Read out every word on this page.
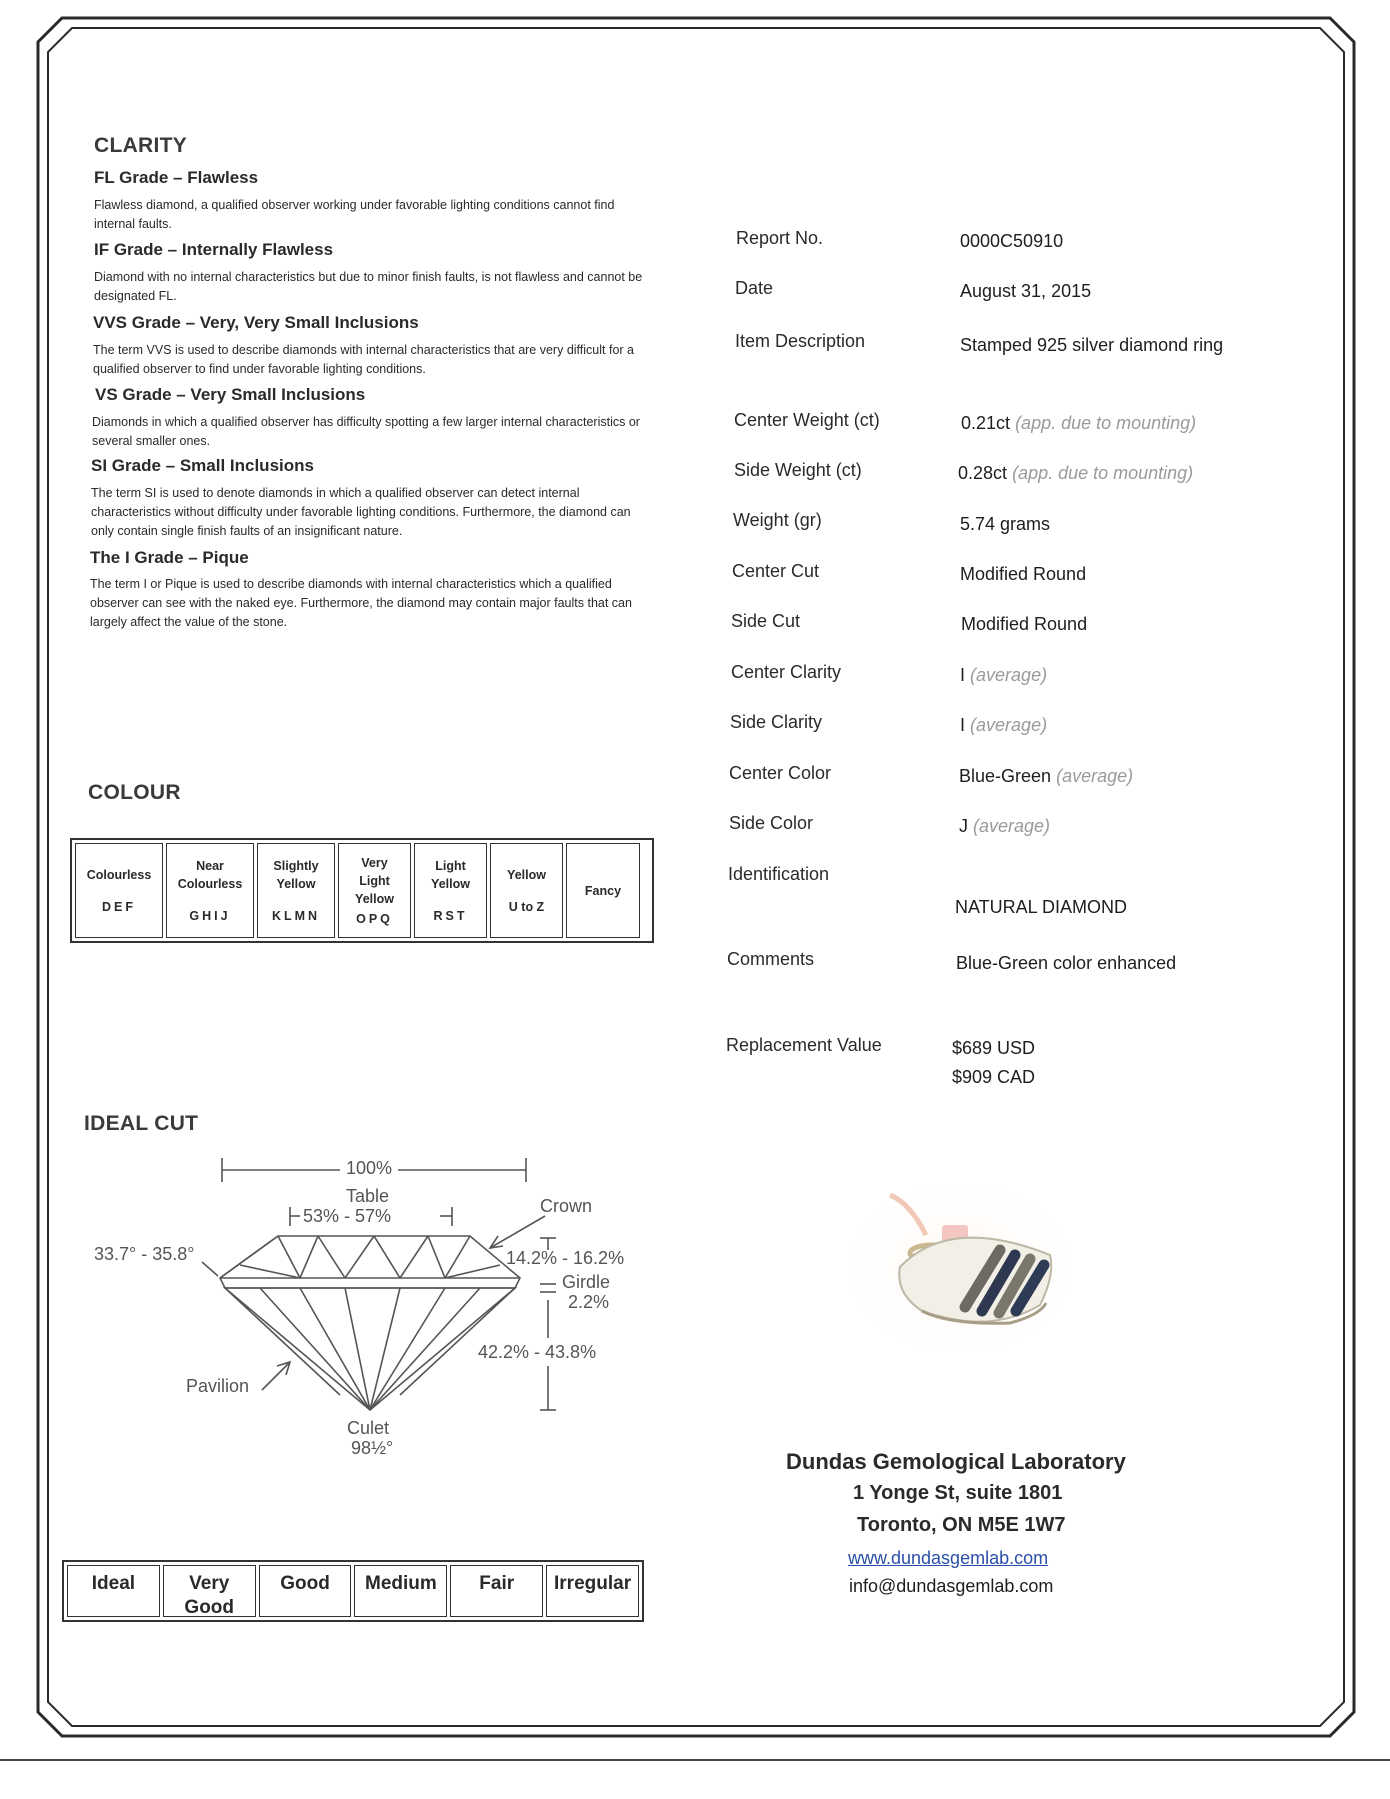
CLARITY
FL Grade – Flawless
Flawless diamond, a qualified observer working under favorable lighting conditions cannot find internal faults.
IF Grade – Internally Flawless
Diamond with no internal characteristics but due to minor finish faults, is not flawless and cannot be designated FL.
VVS Grade – Very, Very Small Inclusions
The term VVS is used to describe diamonds with internal characteristics that are very difficult for a qualified observer to find under favorable lighting conditions.
VS Grade – Very Small Inclusions
Diamonds in which a qualified observer has difficulty spotting a few larger internal characteristics or several smaller ones.
SI Grade – Small Inclusions
The term SI is used to denote diamonds in which a qualified observer can detect internal characteristics without difficulty under favorable lighting conditions. Furthermore, the diamond can only contain single finish faults of an insignificant nature.
The I Grade – Pique
The term I or Pique is used to describe diamonds with internal characteristics which a qualified observer can see with the naked eye. Furthermore, the diamond may contain major faults that can largely affect the value of the stone.
COLOUR
Colourless
DEF
Near Colourless
GHIJ
Slightly Yellow
KLMN
Very Light Yellow
OPQ
Light Yellow
RST
Yellow
U to Z
Fancy
IDEAL CUT
100%
Table
53% - 57%	Crown
33.7° - 35.8°	14.2% - 16.2%
Girdle
2.2%
42.2% - 43.8%
Pavilion
Culet
98½°
Ideal	Very Good
Good	Medium	Fair	Irregular
Report No.	0000C50910
Date	August 31, 2015
Item Description	Stamped 925 silver diamond ring
Center Weight (ct)	0.21ct (app. due to mounting)
Side Weight (ct)	0.28ct (app. due to mounting)
Weight (gr)	5.74 grams
Center Cut	Modified Round
Side Cut	Modified Round
Center Clarity	I (average)
Side Clarity	I (average)
Center Color	Blue-Green (average)
Side Color	J (average)
Identification
NATURAL DIAMOND
Comments	Blue-Green color enhanced
Replacement Value	$689 USD
$909 CAD
Dundas Gemological Laboratory
1 Yonge St, suite 1801
Toronto, ON M5E 1W7
www.dundasgemlab.com
info@dundasgemlab.com
